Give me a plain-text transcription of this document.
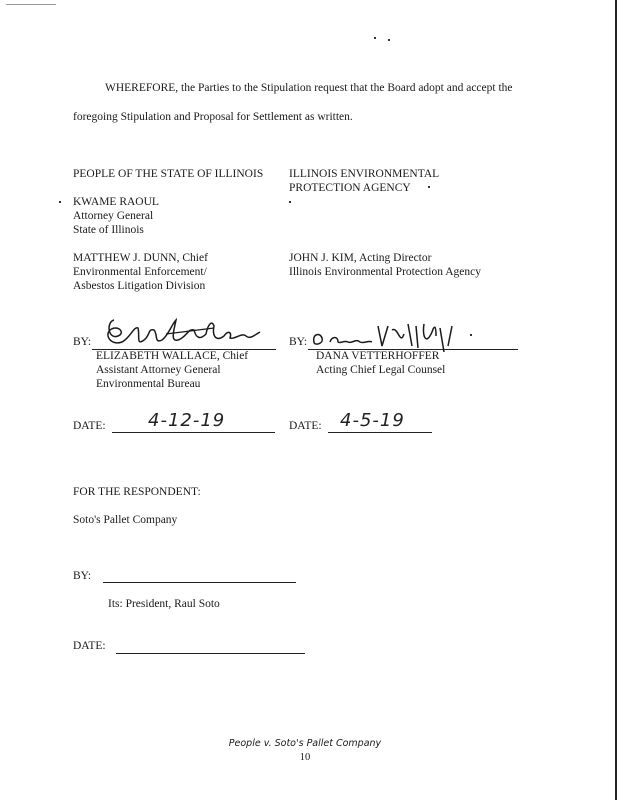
WHEREFORE, the Parties to the Stipulation request that the Board adopt and accept the
foregoing Stipulation and Proposal for Settlement as written.
PEOPLE OF THE STATE OF ILLINOIS
KWAME RAOUL
Attorney General
State of Illinois
MATTHEW J. DUNN, Chief
Environmental Enforcement/
Asbestos Litigation Division
ILLINOIS ENVIRONMENTAL
PROTECTION AGENCY
JOHN J. KIM, Acting Director
Illinois Environmental Protection Agency
BY:
ELIZABETH WALLACE, Chief
Assistant Attorney General
Environmental Bureau
BY:
DANA VETTERHOFFER
Acting Chief Legal Counsel
DATE: 4-12-19	DATE: 4-5-19
FOR THE RESPONDENT:
Soto's Pallet Company
BY:
Its: President, Raul Soto
DATE:
People v. Soto's Pallet Company
10
